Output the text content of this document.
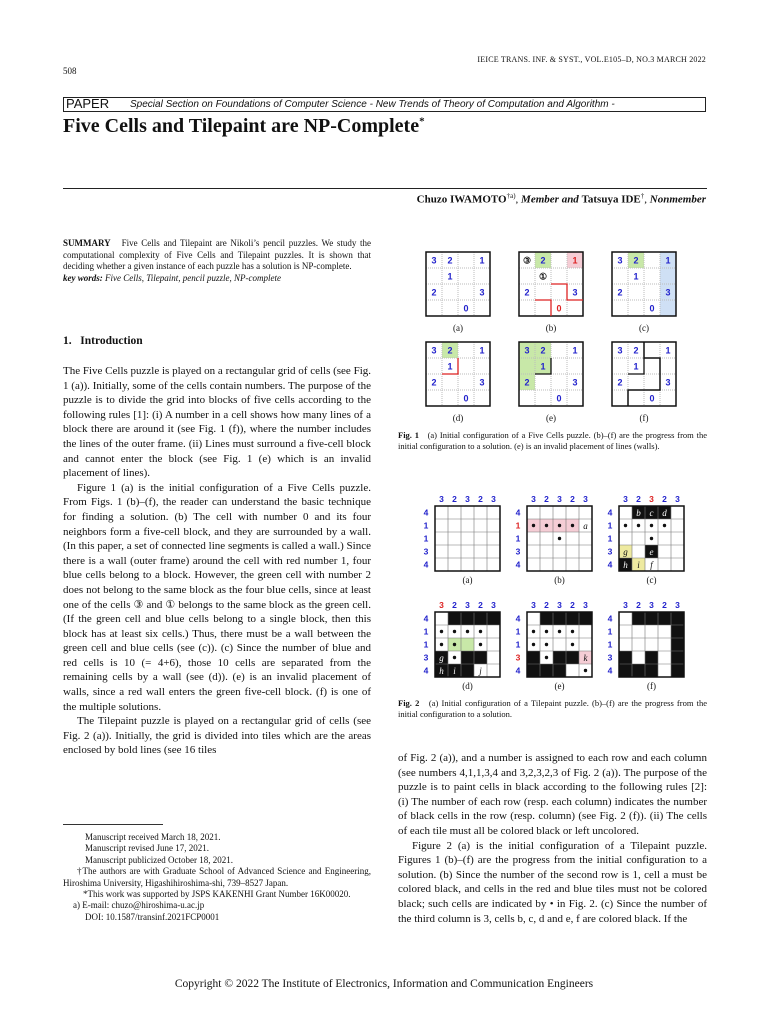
508
IEICE TRANS. INF. & SYST., VOL.E105–D, NO.3 MARCH 2022
PAPER Special Section on Foundations of Computer Science - New Trends of Theory of Computation and Algorithm -
Five Cells and Tilepaint are NP-Complete*
Chuzo IWAMOTO$^{\dagger a)}$, Member and Tatsuya IDE†, Nonmember
SUMMARY Five Cells and Tilepaint are Nikoli’s pencil puzzles. We study the computational complexity of Five Cells and Tilepaint puzzles. It is shown that deciding whether a given instance of each puzzle has a solution is NP-complete.
key words: Five Cells, Tilepaint, pencil puzzle, NP-complete
1.   Introduction

The Five Cells puzzle is played on a rectangular grid of cells (see Fig. 1 (a)). Initially, some of the cells contain numbers. The purpose of the puzzle is to divide the grid into blocks of five cells according to the following rules [1]: (i) A number in a cell shows how many lines of a block there are around it (see Fig. 1 (f)), where the number includes the lines of the outer frame. (ii) Lines must surround a five-cell block and cannot enter the block (see Fig. 1 (e) which is an invalid placement of lines).

Figure 1 (a) is the initial configuration of a Five Cells puzzle. From Figs. 1 (b)–(f), the reader can understand the basic technique for finding a solution. (b) The cell with number 0 and its four neighbors form a five-cell block, and they are surrounded by a wall. (In this paper, a set of connected line segments is called a wall.) Since there is a wall (outer frame) around the cell with red number 1, four blue cells belong to a block. However, the green cell with number 2 does not belong to the same block as the four blue cells, since at least one of the cells ③ and ① belongs to the same block as the green cell. (If the green cell and blue cells belong to a single block, then this block has at least six cells.) Thus, there must be a wall between the green cell and blue cells (see (c)). (c) Since the number of blue and red cells is 10 (= 4+6), those 10 cells are separated from the remaining cells by a wall (see (d)). (e) is an invalid placement of walls, since a red wall enters the green five-cell block. (f) is one of the multiple solutions.

The Tilepaint puzzle is played on a rectangular grid of cells (see Fig. 2 (a)). Initially, the grid is divided into tiles which are the areas enclosed by bold lines (see 16 tiles

Manuscript received March 18, 2021.

Manuscript revised June 17, 2021.

Manuscript publicized October 18, 2021.

†The authors are with Graduate School of Advanced Science and Engineering, Hiroshima University, Higashihiroshima-shi, 739–8527 Japan.

*This work was supported by JSPS KAKENHI Grant Number 16K00020.

a) E-mail: chuzo@hiroshima-u.ac.jp

DOI: 10.1587/transinf.2021FCP0001

3 2	1
1
2	3
0
(a)
③ 2	1
①
2	3
0
(b)
3 2	1
1
2	3
0
(c)
3 2	1
1
2	3
0
(d)
3 2	1
1
2	3
0
(e)
3 2	1
1
2	3
0
(f)
Fig. 1 (a) Initial configuration of a Five Cells puzzle. (b)–(f) are the progress from the initial configuration to a solution. (e) is an invalid placement of lines (walls).
3 2 3 2 3
4
1
1
3
4
(a)
a
3 2 3 2 3
4
1
1
3
4
(b)
b c d
e
g
h i f
3 2 3 2 3
4
1
1
3
4
(c)
g
h i	j
3 2 3 2 3
4
1
1
3
4
(d)
k
3 2 3 2 3
4
1
1
3
4
(e)
3 2 3 2 3
4
1
1
3
4
(f)
Fig. 2 (a) Initial configuration of a Tilepaint puzzle. (b)–(f) are the progress from the initial configuration to a solution.

of Fig. 2 (a)), and a number is assigned to each row and each column (see numbers 4,1,1,3,4 and 3,2,3,2,3 of Fig. 2 (a)). The purpose of the puzzle is to paint cells in black according to the following rules [2]: (i) The number of each row (resp. each column) indicates the number of black cells in the row (resp. column) (see Fig. 2 (f)). (ii) The cells of each tile must all be colored black or left uncolored.

Figure 2 (a) is the initial configuration of a Tilepaint puzzle. Figures 1 (b)–(f) are the progress from the initial configuration to a solution. (b) Since the number of the second row is 1, cell a must be colored black, and cells in the red and blue tiles must not be colored black; such cells are indicated by • in Fig. 2. (c) Since the number of the third column is 3, cells b, c, d and e, f are colored black. If the

Copyright © 2022 The Institute of Electronics, Information and Communication Engineers
